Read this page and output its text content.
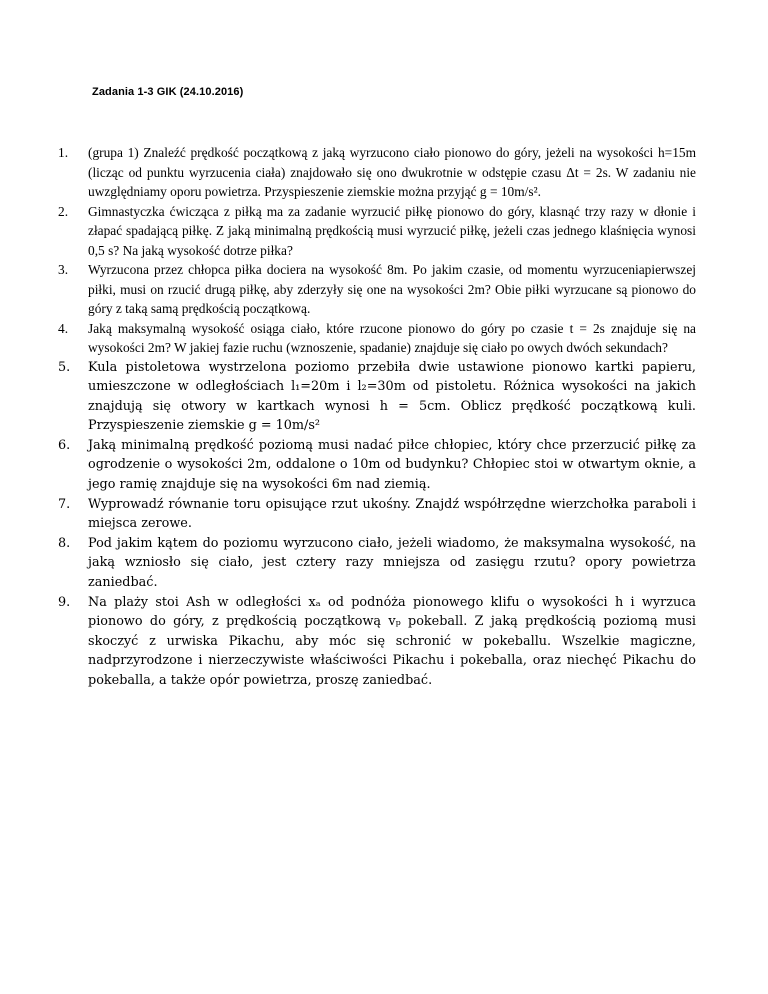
Zadania 1-3 GIK (24.10.2016)
1.	(grupa 1) Znaleźć prędkość początkową z jaką wyrzucono ciało pionowo do góry, jeżeli na wysokości h=15m (licząc od punktu wyrzucenia ciała) znajdowało się ono dwukrotnie w odstępie czasu Δt = 2s. W zadaniu nie uwzględniamy oporu powietrza. Przyspieszenie ziemskie można przyjąć g = 10m/s².
2.	Gimnastyczka ćwicząca z piłką ma za zadanie wyrzucić piłkę pionowo do góry, klasnąć trzy razy w dłonie i złapać spadającą piłkę. Z jaką minimalną prędkością musi wyrzucić piłkę, jeżeli czas jednego klaśnięcia wynosi 0,5 s? Na jaką wysokość dotrze piłka?
3.	Wyrzucona przez chłopca piłka dociera na wysokość 8m. Po jakim czasie, od momentu wyrzuceniapierwszej piłki, musi on rzucić drugą piłkę, aby zderzyły się one na wysokości 2m? Obie piłki wyrzucane są pionowo do góry z taką samą prędkością początkową.
4.	Jaką maksymalną wysokość osiąga ciało, które rzucone pionowo do góry po czasie t = 2s znajduje się na wysokości 2m? W jakiej fazie ruchu (wznoszenie, spadanie) znajduje się ciało po owych dwóch sekundach?
5.	Kula pistoletowa wystrzelona poziomo przebiła dwie ustawione pionowo kartki papieru, umieszczone w odległościach l₁=20m i l₂=30m od pistoletu. Różnica wysokości na jakich znajdują się otwory w kartkach wynosi h = 5cm. Oblicz prędkość początkową kuli. Przyspieszenie ziemskie g = 10m/s²
6.	Jaką minimalną prędkość poziomą musi nadać piłce chłopiec, który chce przerzucić piłkę za ogrodzenie o wysokości 2m, oddalone o 10m od budynku? Chłopiec stoi w otwartym oknie, a jego ramię znajduje się na wysokości 6m nad ziemią.
7.	Wyprowadź równanie toru opisujące rzut ukośny. Znajdź współrzędne wierzchołka paraboli i miejsca zerowe.
8.	Pod jakim kątem do poziomu wyrzucono ciało, jeżeli wiadomo, że maksymalna wysokość, na jaką wzniosło się ciało, jest cztery razy mniejsza od zasięgu rzutu? opory powietrza zaniedbać.
9.	Na plaży stoi Ash w odległości xₐ od podnóża pionowego klifu o wysokości h i wyrzuca pionowo do góry, z prędkością początkową vₚ pokeball. Z jaką prędkością poziomą musi skoczyć z urwiska Pikachu, aby móc się schronić w pokeballu. Wszelkie magiczne, nadprzyrodzone i nierzeczywiste właściwości Pikachu i pokeballa, oraz niechęć Pikachu do pokeballa, a także opór powietrza, proszę zaniedbać.
